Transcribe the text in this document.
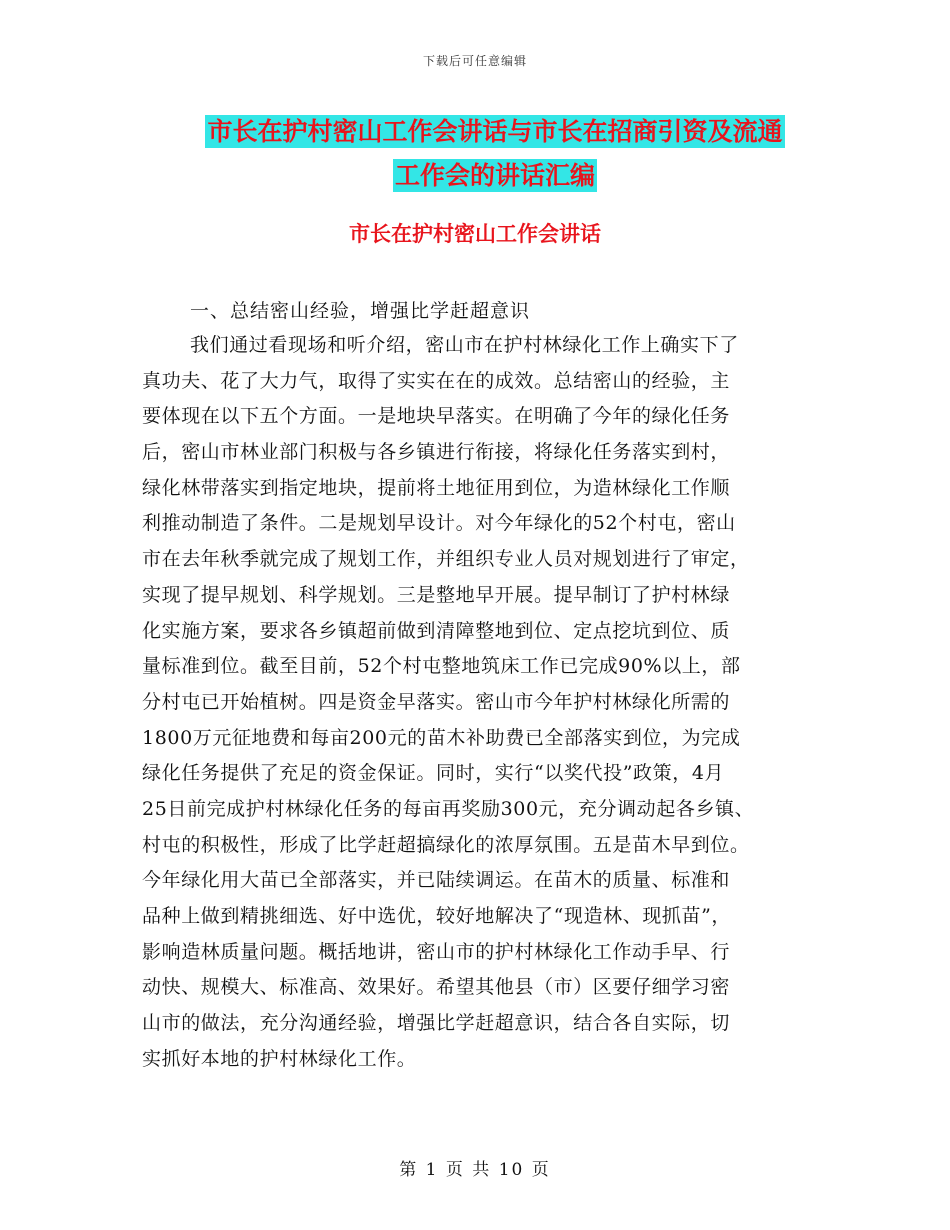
下载后可任意编辑
市长在护村密山工作会讲话与市长在招商引资及流通
工作会的讲话汇编
市长在护村密山工作会讲话
一、总结密山经验，增强比学赶超意识
我们通过看现场和听介绍，密山市在护村林绿化工作上确实下了
真功夫、花了大力气，取得了实实在在的成效。总结密山的经验，主
要体现在以下五个方面。一是地块早落实。在明确了今年的绿化任务
后，密山市林业部门积极与各乡镇进行衔接，将绿化任务落实到村，
绿化林带落实到指定地块，提前将土地征用到位，为造林绿化工作顺
利推动制造了条件。二是规划早设计。对今年绿化的52个村屯，密山
市在去年秋季就完成了规划工作，并组织专业人员对规划进行了审定，
实现了提早规划、科学规划。三是整地早开展。提早制订了护村林绿
化实施方案，要求各乡镇超前做到清障整地到位、定点挖坑到位、质
量标准到位。截至目前，52个村屯整地筑床工作已完成90%以上，部
分村屯已开始植树。四是资金早落实。密山市今年护村林绿化所需的
1800万元征地费和每亩200元的苗木补助费已全部落实到位，为完成
绿化任务提供了充足的资金保证。同时，实行“以奖代投”政策，4月
25日前完成护村林绿化任务的每亩再奖励300元，充分调动起各乡镇、
村屯的积极性，形成了比学赶超搞绿化的浓厚氛围。五是苗木早到位。
今年绿化用大苗已全部落实，并已陆续调运。在苗木的质量、标准和
品种上做到精挑细选、好中选优，较好地解决了“现造林、现抓苗”，
影响造林质量问题。概括地讲，密山市的护村林绿化工作动手早、行
动快、规模大、标准高、效果好。希望其他县（市）区要仔细学习密
山市的做法，充分沟通经验，增强比学赶超意识，结合各自实际，切
实抓好本地的护村林绿化工作。
第 1 页 共 10 页
